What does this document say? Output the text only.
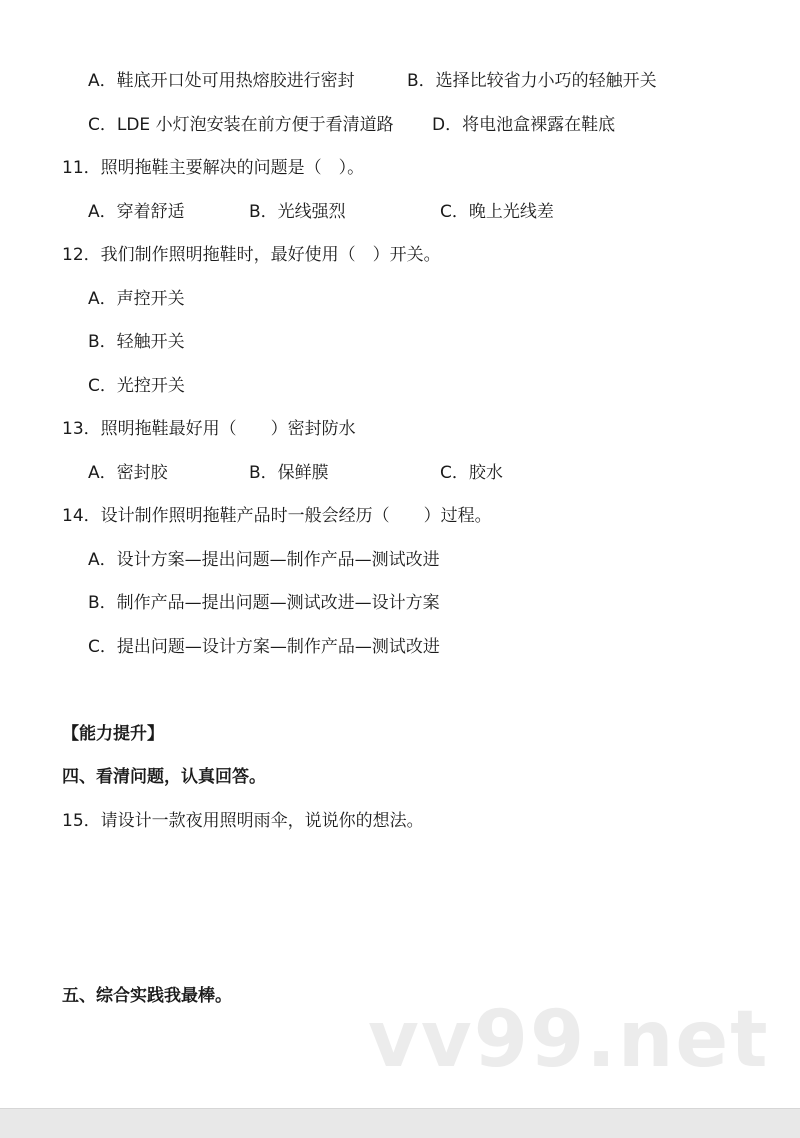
A．鞋底开口处可用热熔胶进行密封	B．选择比较省力小巧的轻触开关
C．LDE 小灯泡安装在前方便于看清道路 D．将电池盒裸露在鞋底
11．照明拖鞋主要解决的问题是（　）。
A．穿着舒适	B．光线强烈	C．晚上光线差
12．我们制作照明拖鞋时，最好使用（　）开关。
A．声控开关
B．轻触开关
C．光控开关
13．照明拖鞋最好用（　　）密封防水
A．密封胶	B．保鲜膜	C．胶水
14．设计制作照明拖鞋产品时一般会经历（　　）过程。
A．设计方案—提出问题—制作产品—测试改进
B．制作产品—提出问题—测试改进—设计方案
C．提出问题—设计方案—制作产品—测试改进
【能力提升】
四、看清问题，认真回答。
15．请设计一款夜用照明雨伞，说说你的想法。
五、综合实践我最棒。 vv99.net
